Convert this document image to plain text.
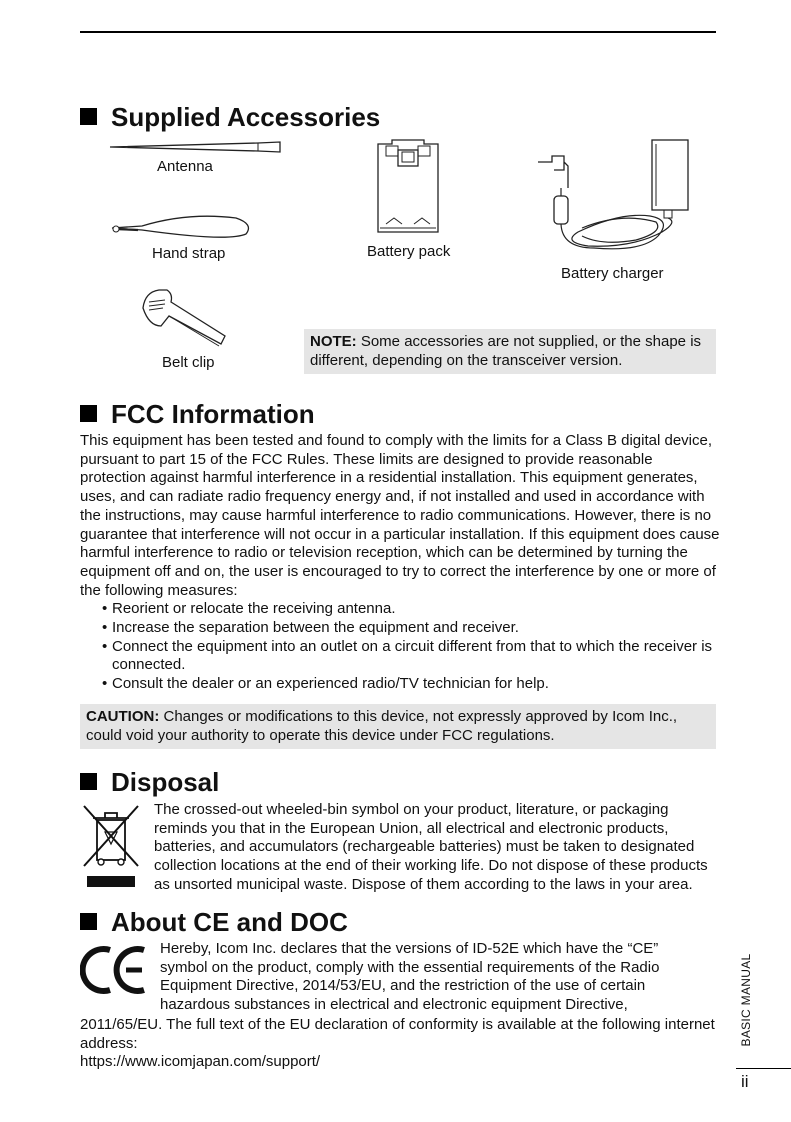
Supplied Accessories
Antenna
Hand strap	Battery pack
Battery charger
Belt clip
NOTE: Some accessories are not supplied, or the shape is different, depending on the transceiver version.
FCC Information

This equipment has been tested and found to comply with the limits for a Class B digital device, pursuant to part 15 of the FCC Rules. These limits are designed to provide reasonable protection against harmful interference in a residential installation. This equipment generates, uses, and can radiate radio frequency energy and, if not installed and used in accordance with the instructions, may cause harmful interference to radio communications. However, there is no guarantee that interference will not occur in a particular installation. If this equipment does cause harmful interference to radio or television reception, which can be determined by turning the equipment off and on, the user is encouraged to try to correct the interference by one or more of the following measures:

• Reorient or relocate the receiving antenna.
• Increase the separation between the equipment and receiver.
• Connect the equipment into an outlet on a circuit different from that to which the receiver is connected.
• Consult the dealer or an experienced radio/TV technician for help.
CAUTION: Changes or modifications to this device, not expressly approved by Icom Inc., could void your authority to operate this device under FCC regulations.
Disposal
The crossed-out wheeled-bin symbol on your product, literature, or packaging reminds you that in the European Union, all electrical and electronic products, batteries, and accumulators (rechargeable batteries) must be taken to designated collection locations at the end of their working life. Do not dispose of these products as unsorted municipal waste. Dispose of them according to the laws in your area.
About CE and DOC

Hereby, Icom Inc. declares that the versions of ID-52E which have the “CE”

symbol on the product, comply with the essential requirements of the Radio

Equipment Directive, 2014/53/EU, and the restriction of the use of certain

hazardous substances in electrical and electronic equipment Directive,

2011/65/EU. The full text of the EU declaration of conformity is available at the following internet address:

https://www.icomjapan.com/support/

BASIC MANUAL
ii
